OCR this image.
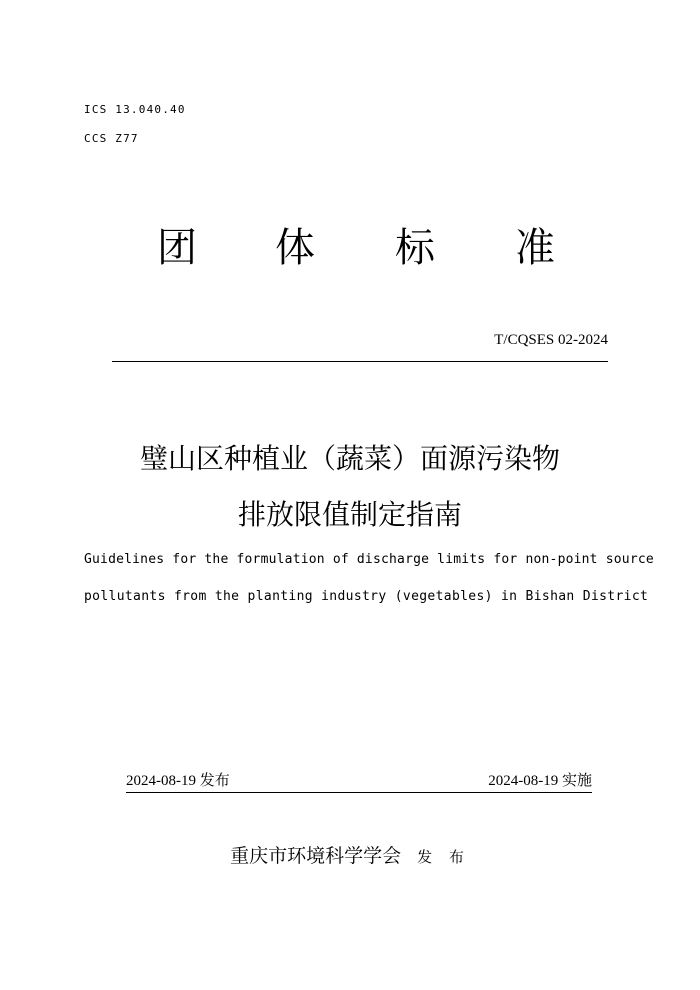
ICS 13.040.40
CCS Z77
团 体 标 准
T/CQSES 02-2024
璧山区种植业（蔬菜）面源污染物
排放限值制定指南
Guidelines for the formulation of discharge limits for non-point source
pollutants from the planting industry (vegetables) in Bishan District
2024-08-19 发布	2024-08-19 实施
重庆市环境科学学会 发 布
